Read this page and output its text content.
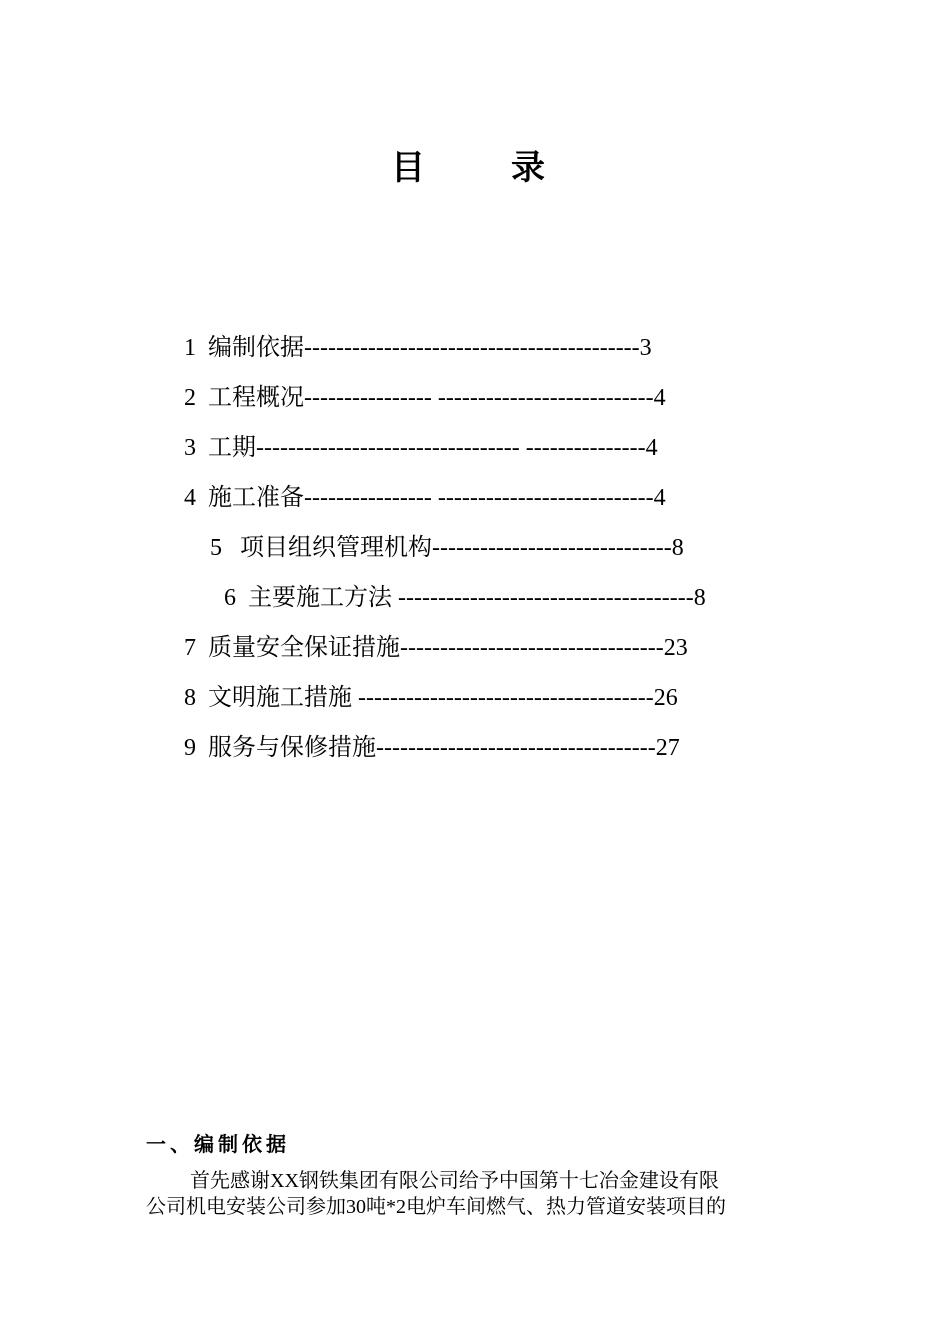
目　录
1 编制依据------------------------------------------3
2 工程概况---------------- ---------------------------4
3 工期--------------------------------- ---------------4
4 施工准备---------------- ---------------------------4
5 项目组织管理机构------------------------------8
6 主要施工方法 -------------------------------------8
7 质量安全保证措施---------------------------------23
8 文明施工措施 -------------------------------------26
9 服务与保修措施-----------------------------------27
一、编制依据
首先感谢XX钢铁集团有限公司给予中国第十七冶金建设有限
公司机电安装公司参加30吨*2电炉车间燃气、热力管道安装项目的
